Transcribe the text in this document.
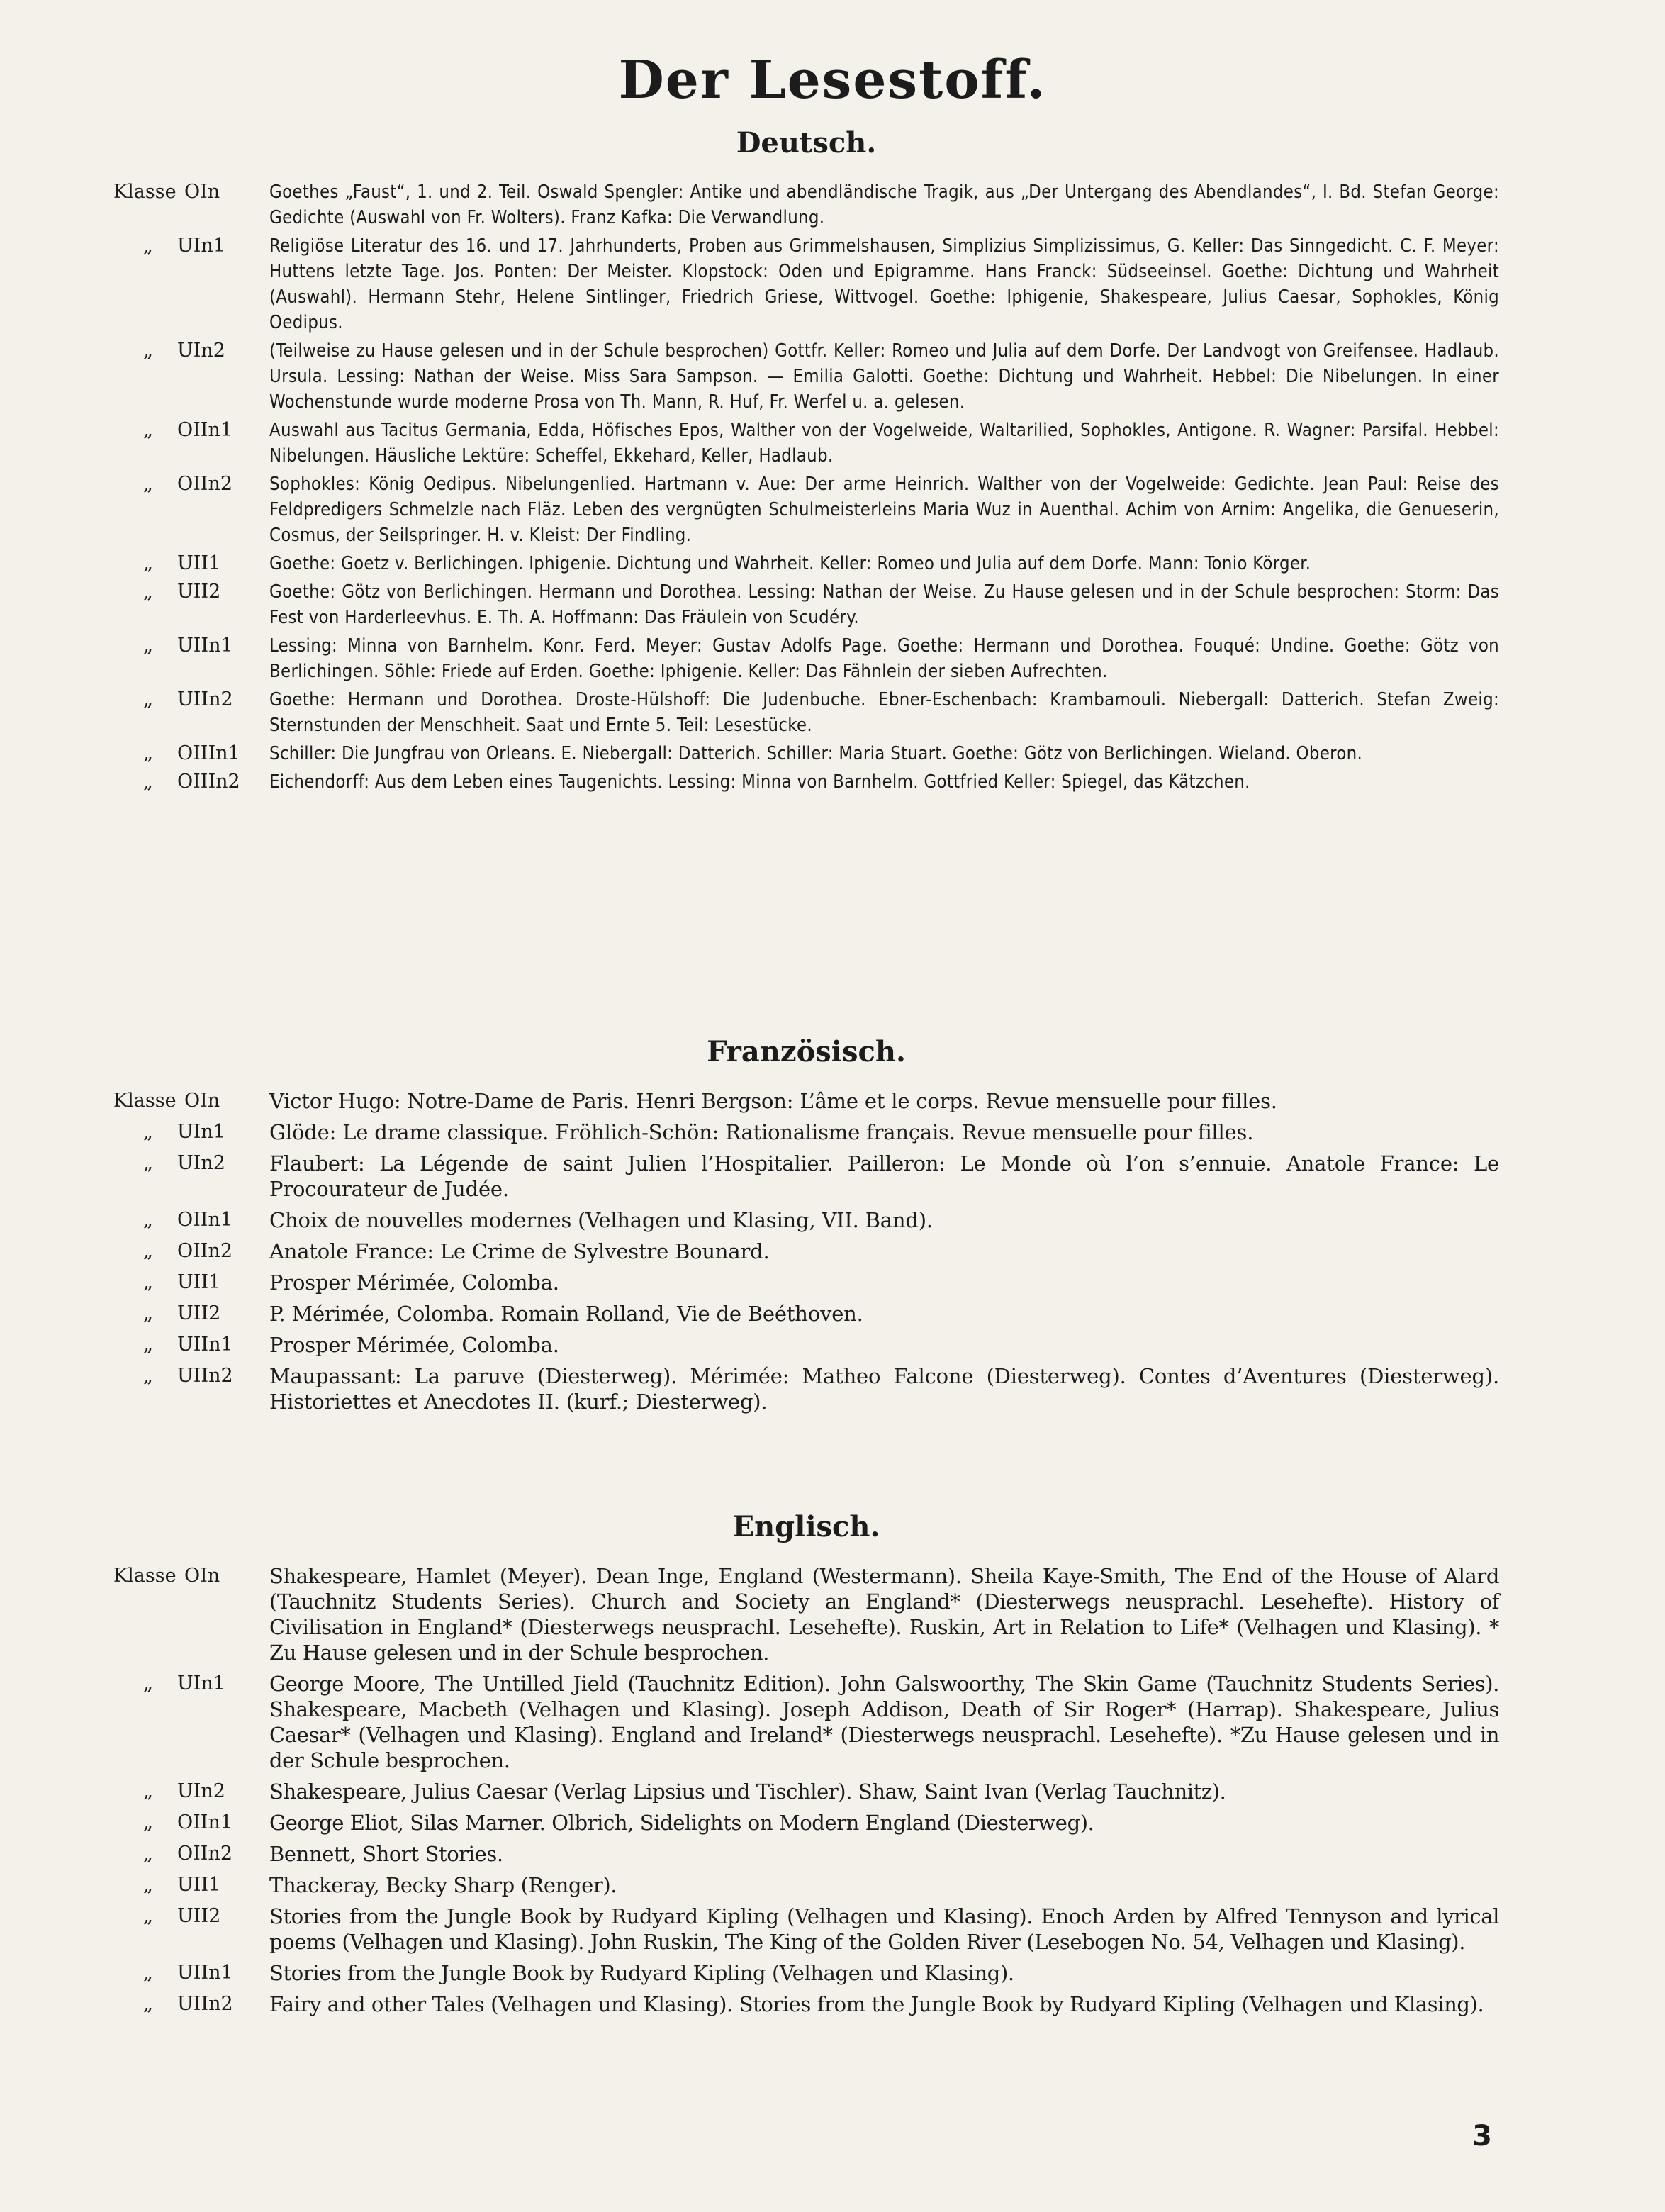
Der Lesestoff.
Deutsch.
Klasse OIn	Goethes „Faust“, 1. und 2. Teil. Oswald Spengler: Antike und abendländische Tragik, aus „Der Untergang des Abendlandes“, I. Bd. Stefan George: Gedichte (Auswahl von Fr. Wolters). Franz Kafka: Die Verwandlung.
„ UIn1 Religiöse Literatur des 16. und 17. Jahrhunderts, Proben aus Grimmelshausen, Simplizius Simplizissimus, G. Keller: Das Sinngedicht. C. F. Meyer: Huttens letzte Tage. Jos. Ponten: Der Meister. Klopstock: Oden und Epigramme. Hans Franck: Südseeinsel. Goethe: Dichtung und Wahrheit (Auswahl). Hermann Stehr, Helene Sintlinger, Friedrich Griese, Wittvogel. Goethe: Iphigenie, Shakespeare, Julius Caesar, Sophokles, König Oedipus.
„ UIn2 (Teilweise zu Hause gelesen und in der Schule besprochen) Gottfr. Keller: Romeo und Julia auf dem Dorfe. Der Landvogt von Greifensee. Hadlaub. Ursula. Lessing: Nathan der Weise. Miss Sara Sampson. — Emilia Galotti. Goethe: Dichtung und Wahrheit. Hebbel: Die Nibelungen. In einer Wochenstunde wurde moderne Prosa von Th. Mann, R. Huf, Fr. Werfel u. a. gelesen.
„ OIIn1 Auswahl aus Tacitus Germania, Edda, Höfisches Epos, Walther von der Vogelweide, Waltarilied, Sophokles, Antigone. R. Wagner: Parsifal. Hebbel: Nibelungen. Häusliche Lektüre: Scheffel, Ekkehard, Keller, Hadlaub.
„ OIIn2 Sophokles: König Oedipus. Nibelungenlied. Hartmann v. Aue: Der arme Heinrich. Walther von der Vogelweide: Gedichte. Jean Paul: Reise des Feldpredigers Schmelzle nach Fläz. Leben des vergnügten Schulmeisterleins Maria Wuz in Auenthal. Achim von Arnim: Angelika, die Genueserin, Cosmus, der Seilspringer. H. v. Kleist: Der Findling.
„ UII1	Goethe: Goetz v. Berlichingen. Iphigenie. Dichtung und Wahrheit. Keller: Romeo und Julia auf dem Dorfe. Mann: Tonio Körger.
„ UII2	Goethe: Götz von Berlichingen. Hermann und Dorothea. Lessing: Nathan der Weise. Zu Hause gelesen und in der Schule besprochen: Storm: Das Fest von Harderleevhus. E. Th. A. Hoffmann: Das Fräulein von Scudéry.
„ UIIn1 Lessing: Minna von Barnhelm. Konr. Ferd. Meyer: Gustav Adolfs Page. Goethe: Hermann und Dorothea. Fouqué: Undine. Goethe: Götz von Berlichingen. Söhle: Friede auf Erden. Goethe: Iphigenie. Keller: Das Fähnlein der sieben Aufrechten.
„ UIIn2 Goethe: Hermann und Dorothea. Droste-Hülshoff: Die Judenbuche. Ebner-Eschenbach: Krambamouli. Niebergall: Datterich. Stefan Zweig: Sternstunden der Menschheit. Saat und Ernte 5. Teil: Lesestücke.
„ OIIIn1 Schiller: Die Jungfrau von Orleans. E. Niebergall: Datterich. Schiller: Maria Stuart. Goethe: Götz von Berlichingen. Wieland. Oberon.
„ OIIIn2 Eichendorff: Aus dem Leben eines Taugenichts. Lessing: Minna von Barnhelm. Gottfried Keller: Spiegel, das Kätzchen.
Französisch.
Klasse OIn Victor Hugo: Notre-Dame de Paris. Henri Bergson: L’âme et le corps. Revue mensuelle pour filles.
„ UIn1 Glöde: Le drame classique. Fröhlich-Schön: Rationalisme français. Revue mensuelle pour filles.
„ UIn2 Flaubert: La Légende de saint Julien l’Hospitalier. Pailleron: Le Monde où l’on s’ennuie. Anatole France: Le Procourateur de Judée.
„ OIIn1 Choix de nouvelles modernes (Velhagen und Klasing, VII. Band).
„ OIIn2 Anatole France: Le Crime de Sylvestre Bounard.
„ UII1 Prosper Mérimée, Colomba.
„ UII2 P. Mérimée, Colomba. Romain Rolland, Vie de Beéthoven.
„ UIIn1 Prosper Mérimée, Colomba.
„ UIIn2 Maupassant: La paruve (Diesterweg). Mérimée: Matheo Falcone (Diesterweg). Contes d’Aventures (Diesterweg). Historiettes et Anecdotes II. (kurf.; Diesterweg).
Englisch.
Klasse OIn Shakespeare, Hamlet (Meyer). Dean Inge, England (Westermann). Sheila Kaye-Smith, The End of the House of Alard (Tauchnitz Students Series). Church and Society an England* (Diesterwegs neusprachl. Lesehefte). History of Civilisation in England* (Diesterwegs neusprachl. Lesehefte). Ruskin, Art in Relation to Life* (Velhagen und Klasing). * Zu Hause gelesen und in der Schule besprochen.
„ UIn1 George Moore, The Untilled Jield (Tauchnitz Edition). John Galswoorthy, The Skin Game (Tauchnitz Students Series). Shakespeare, Macbeth (Velhagen und Klasing). Joseph Addison, Death of Sir Roger* (Harrap). Shakespeare, Julius Caesar* (Velhagen und Klasing). England and Ireland* (Diesterwegs neusprachl. Lesehefte). *Zu Hause gelesen und in der Schule besprochen.
„ UIn2 Shakespeare, Julius Caesar (Verlag Lipsius und Tischler). Shaw, Saint Ivan (Verlag Tauchnitz).
„ OIIn1 George Eliot, Silas Marner. Olbrich, Sidelights on Modern England (Diesterweg).
„ OIIn2 Bennett, Short Stories.
„ UII1 Thackeray, Becky Sharp (Renger).
„ UII2 Stories from the Jungle Book by Rudyard Kipling (Velhagen und Klasing). Enoch Arden by Alfred Tennyson and lyrical poems (Velhagen und Klasing). John Ruskin, The King of the Golden River (Lesebogen No. 54, Velhagen und Klasing).
„ UIIn1 Stories from the Jungle Book by Rudyard Kipling (Velhagen und Klasing).
„ UIIn2 Fairy and other Tales (Velhagen und Klasing). Stories from the Jungle Book by Rudyard Kipling (Velhagen und Klasing).
3
